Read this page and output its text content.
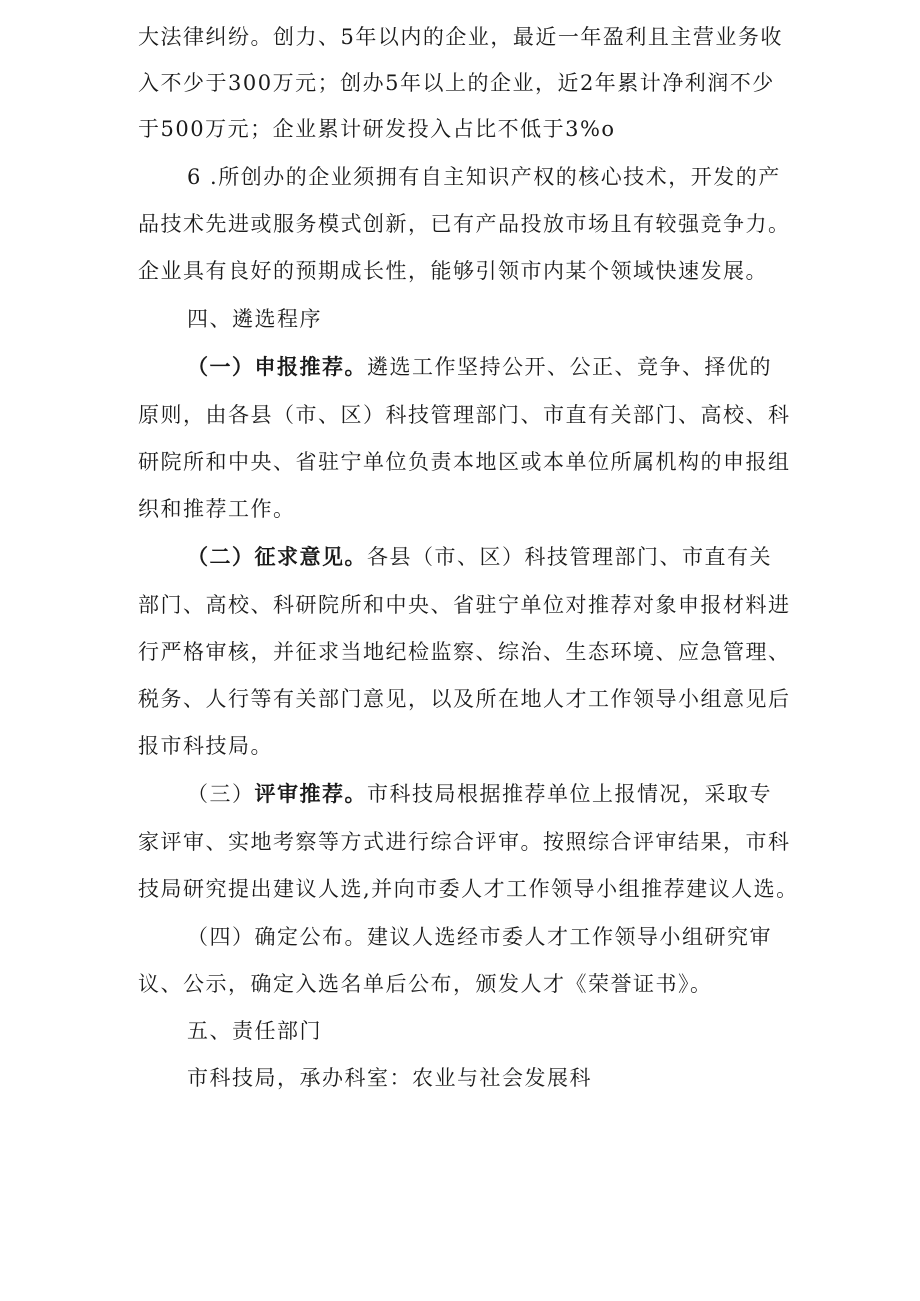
大法律纠纷。创力、5年以内的企业，最近一年盈利且主营业务收
入不少于300万元；创办5年以上的企业，近2年累计净利润不少
于500万元；企业累计研发投入占比不低于3%o
6 .所创办的企业须拥有自主知识产权的核心技术，开发的产
品技术先进或服务模式创新，已有产品投放市场且有较强竞争力。
企业具有良好的预期成长性，能够引领市内某个领域快速发展。
四、遴选程序
（一）申报推荐。遴选工作坚持公开、公正、竞争、择优的
原则，由各县（市、区）科技管理部门、市直有关部门、高校、科
研院所和中央、省驻宁单位负责本地区或本单位所属机构的申报组
织和推荐工作。
（二）征求意见。各县（市、区）科技管理部门、市直有关
部门、高校、科研院所和中央、省驻宁单位对推荐对象申报材料进
行严格审核，并征求当地纪检监察、综治、生态环境、应急管理、
税务、人行等有关部门意见，以及所在地人才工作领导小组意见后
报市科技局。
（三）评审推荐。市科技局根据推荐单位上报情况，采取专
家评审、实地考察等方式进行综合评审。按照综合评审结果，市科
技局研究提出建议人选,并向市委人才工作领导小组推荐建议人选。
（四）确定公布。建议人选经市委人才工作领导小组研究审
议、公示，确定入选名单后公布，颁发人才《荣誉证书》。
五、责任部门
市科技局，承办科室：农业与社会发展科
